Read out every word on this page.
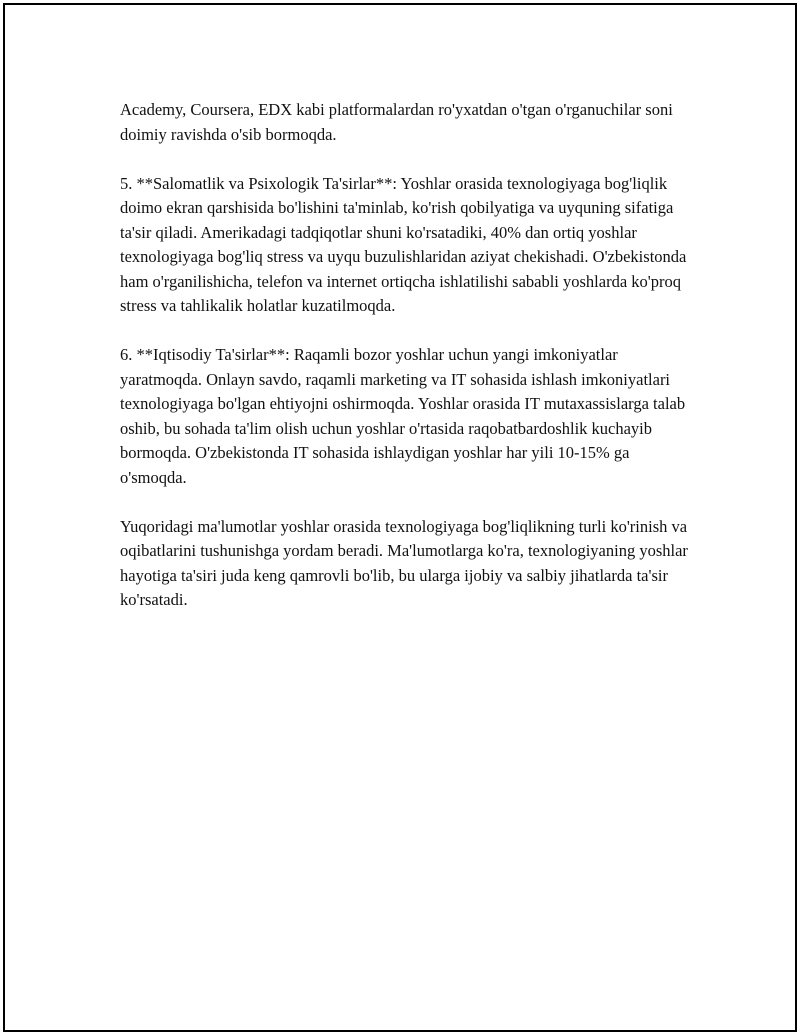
Academy, Coursera, EDX kabi platformalardan ro'yxatdan o'tgan o'rganuchilar soni doimiy ravishda o'sib bormoqda.

5. **Salomatlik va Psixologik Ta'sirlar**: Yoshlar orasida texnologiyaga bog'liqlik doimo ekran qarshisida bo'lishini ta'minlab, ko'rish qobilyatiga va uyquning sifatiga ta'sir qiladi. Amerikadagi tadqiqotlar shuni ko'rsatadiki, 40% dan ortiq yoshlar texnologiyaga bog'liq stress va uyqu buzulishlaridan aziyat chekishadi. O'zbekistonda ham o'rganilishicha, telefon va internet ortiqcha ishlatilishi sababli yoshlarda ko'proq stress va tahlikalik holatlar kuzatilmoqda.

6. **Iqtisodiy Ta'sirlar**: Raqamli bozor yoshlar uchun yangi imkoniyatlar yaratmoqda. Onlayn savdo, raqamli marketing va IT sohasida ishlash imkoniyatlari texnologiyaga bo'lgan ehtiyojni oshirmoqda. Yoshlar orasida IT mutaxassislarga talab oshib, bu sohada ta'lim olish uchun yoshlar o'rtasida raqobatbardoshlik kuchayib bormoqda. O'zbekistonda IT sohasida ishlaydigan yoshlar har yili 10-15% ga o'smoqda.

Yuqoridagi ma'lumotlar yoshlar orasida texnologiyaga bog'liqlikning turli ko'rinish va oqibatlarini tushunishga yordam beradi. Ma'lumotlarga ko'ra, texnologiyaning yoshlar hayotiga ta'siri juda keng qamrovli bo'lib, bu ularga ijobiy va salbiy jihatlarda ta'sir ko'rsatadi.
